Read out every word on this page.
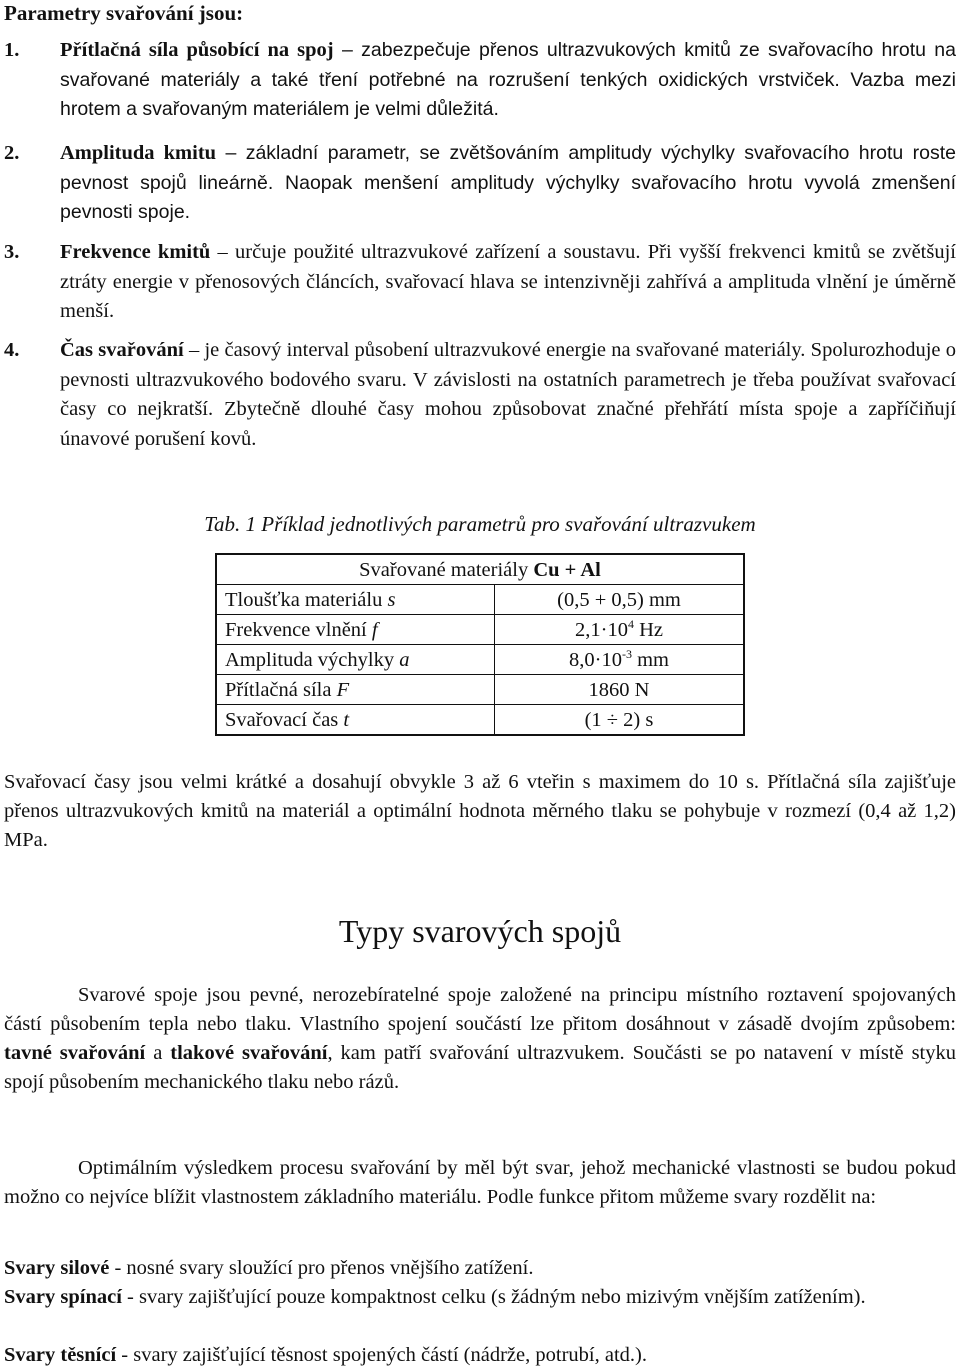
Parametry svařování jsou:
1. Přítlačná síla působící na spoj – zabezpečuje přenos ultrazvukových kmitů ze svařovacího hrotu na svařované materiály a také tření potřebné na rozrušení tenkých oxidických vrstviček. Vazba mezi hrotem a svařovaným materiálem je velmi důležitá.
2. Amplituda kmitu – základní parametr, se zvětšováním amplitudy výchylky svařovacího hrotu roste pevnost spojů lineárně. Naopak menšení amplitudy výchylky svařovacího hrotu vyvolá zmenšení pevnosti spoje.
3. Frekvence kmitů – určuje použité ultrazvukové zařízení a soustavu. Při vyšší frekvenci kmitů se zvětšují ztráty energie v přenosových článcích, svařovací hlava se intenzivněji zahřívá a amplituda vlnění je úměrně menší.
4. Čas svařování – je časový interval působení ultrazvukové energie na svařované materiály. Spolurozhoduje o pevnosti ultrazvukového bodového svaru. V závislosti na ostatních parametrech je třeba používat svařovací časy co nejkratší. Zbytečně dlouhé časy mohou způsobovat značné přehřátí místa spoje a zapříčiňují únavové porušení kovů.
Tab. 1 Příklad jednotlivých parametrů pro svařování ultrazvukem
Svařované materiály Cu + Al	
Tloušťka materiálu s	(0,5 + 0,5) mm
Frekvence vlnění f	$2,1\cdot 10^4$ Hz
Amplituda výchylky a	$8,0\cdot 10^{-3}$ mm
Přítlačná síla F	1860 N
Svařovací čas t	(1 ÷ 2) s
Svařovací časy jsou velmi krátké a dosahují obvykle 3 až 6 vteřin s maximem do 10 s. Přítlačná síla zajišťuje přenos ultrazvukových kmitů na materiál a optimální hodnota měrného tlaku se pohybuje v rozmezí (0,4 až 1,2) MPa.
Typy svarových spojů
Svarové spoje jsou pevné, nerozebíratelné spoje založené na principu místního roztavení spojovaných částí působením tepla nebo tlaku. Vlastního spojení součástí lze přitom dosáhnout v zásadě dvojím způsobem: tavné svařování a tlakové svařování, kam patří svařování ultrazvukem. Součásti se po natavení v místě styku spojí působením mechanického tlaku nebo rázů.
Optimálním výsledkem procesu svařování by měl být svar, jehož mechanické vlastnosti se budou pokud možno co nejvíce blížit vlastnostem základního materiálu. Podle funkce přitom můžeme svary rozdělit na:
Svary silové - nosné svary sloužící pro přenos vnějšího zatížení.
Svary spínací - svary zajišťující pouze kompaktnost celku (s žádným nebo mizivým vnějším zatížením).
Svary těsnící - svary zajišťující těsnost spojených částí (nádrže, potrubí, atd.).
